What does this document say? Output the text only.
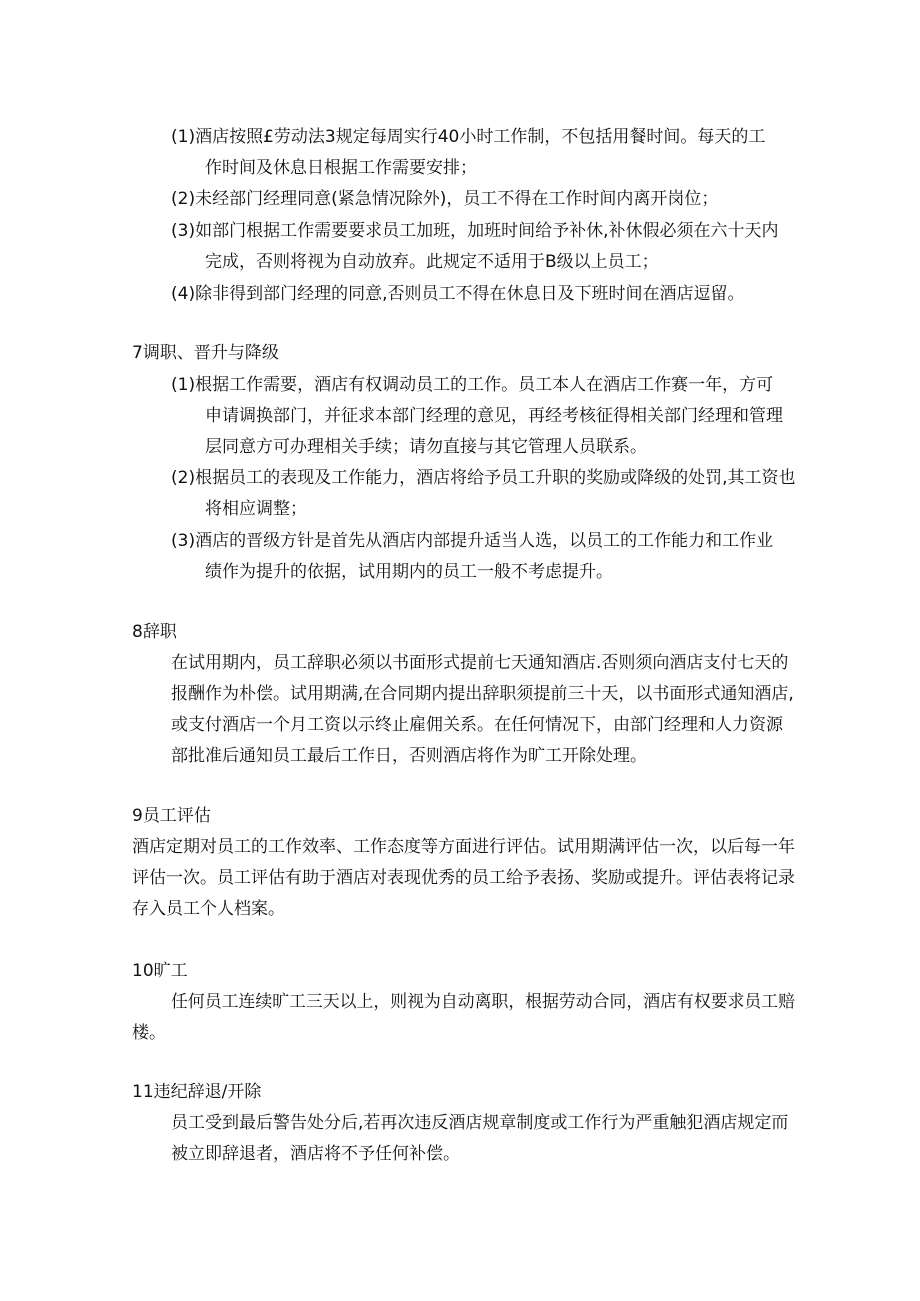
(1)酒店按照£劳动法3规定每周实行40小时工作制，不包括用餐时间。每天的工
作时间及休息日根据工作需要安排；
(2)未经部门经理同意(紧急情况除外)，员工不得在工作时间内离开岗位；
(3)如部门根据工作需要要求员工加班，加班时间给予补休,补休假必须在六十天内
完成，否则将视为自动放弃。此规定不适用于B级以上员工；
(4)除非得到部门经理的同意,否则员工不得在休息日及下班时间在酒店逗留。
7调职、晋升与降级
(1)根据工作需要，酒店有权调动员工的工作。员工本人在酒店工作赛一年，方可
申请调换部门，并征求本部门经理的意见，再经考核征得相关部门经理和管理
层同意方可办理相关手续；请勿直接与其它管理人员联系。
(2)根据员工的表现及工作能力，酒店将给予员工升职的奖励或降级的处罚,其工资也
将相应调整；
(3)酒店的晋级方针是首先从酒店内部提升适当人选，以员工的工作能力和工作业
绩作为提升的依据，试用期内的员工一般不考虑提升。
8辞职
在试用期内，员工辞职必须以书面形式提前七天通知酒店.否则须向酒店支付七天的
报酬作为朴偿。试用期满,在合同期内提出辞职须提前三十天，以书面形式通知酒店,
或支付酒店一个月工资以示终止雇佣关系。在任何情况下，由部门经理和人力资源
部批准后通知员工最后工作日，否则酒店将作为旷工开除处理。
9员工评估
酒店定期对员工的工作效率、工作态度等方面进行评估。试用期满评估一次，以后每一年
评估一次。员工评估有助于酒店对表现优秀的员工给予表扬、奖励或提升。评估表将记录
存入员工个人档案。
10旷工
任何员工连续旷工三天以上，则视为自动离职，根据劳动合同，酒店有权要求员工赔
楼。
11违纪辞退/开除
员工受到最后警告处分后,若再次违反酒店规章制度或工作行为严重触犯酒店规定而
被立即辞退者，酒店将不予任何补偿。
